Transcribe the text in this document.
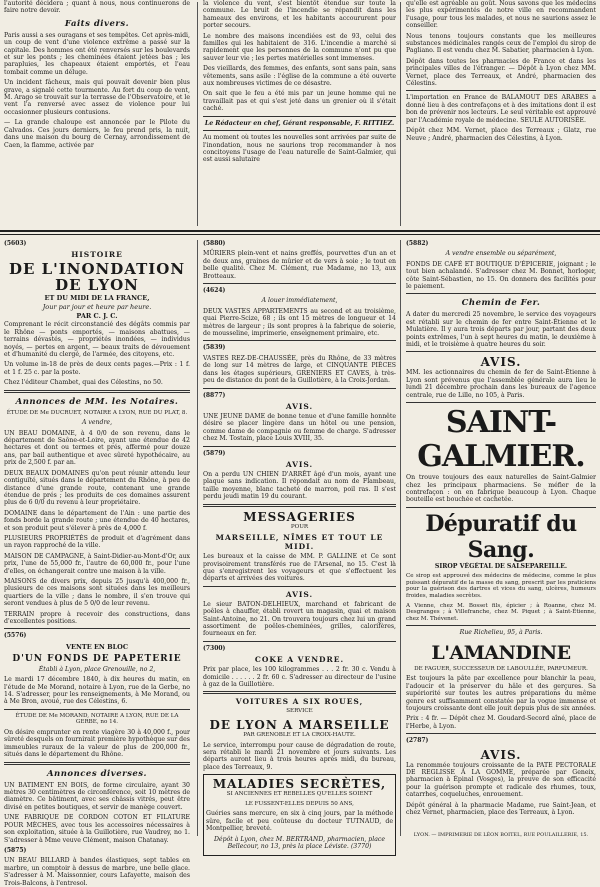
l'autorité décidera ; quant à nous, nous continuerons de faire notre devoir.

Faits divers.

Paris aussi a ses ouragans et ses tempêtes. Cet après-midi, un coup de vent d'une violence extrême a passé sur la capitale. Des hommes ont été renversés sur les boulevards et sur les ponts ; les cheminées étaient jetées bas ; les parapluies, les chapeaux étaient emportés, et l'eau tombait comme un déluge.

Un incident fâcheux, mais qui pouvait devenir bien plus grave, a signalé cette tourmente. Au fort du coup de vent, M. Arago se trouvait sur la terrasse de l'Observatoire, et le vent l'a renversé avec assez de violence pour lui occasionner plusieurs contusions.

— La grande chaloupe est annoncée par le Pilote du Calvados. Ces jours derniers, le feu prend pris, la nuit, dans une maison du bourg de Cernay, arrondissement de Caen, la flamme, activée par

la violence du vent, s'est bientôt étendue sur toute la commune. Le bruit de l'incendie se répandit dans les hameaux des environs, et les habitants accoururent pour porter secours.

Le nombre des maisons incendiées est de 93, celui des familles qui les habitaient de 316. L'incendie a marché si rapidement que les personnes de la commune n'ont pu que sauver leur vie ; les pertes matérielles sont immenses.

Des vieillards, des femmes, des enfants, sont sans pain, sans vêtements, sans asile : l'église de la commune a été ouverte aux nombreuses victimes de ce désastre.

On sait que le feu a été mis par un jeune homme qui ne travaillait pas et qui s'est jeté dans un grenier où il s'était caché.

Le Rédacteur en chef, Gérant responsable, F. RITTIEZ.

Au moment où toutes les nouvelles sont arrivées par suite de l'inondation, nous ne saurions trop recommander à nos concitoyens l'usage de l'eau naturelle de Saint-Galmier, qui est aussi salutaire

qu'elle est agréable au goût. Nous savons que les médecins les plus expérimentés de notre ville en recommandent l'usage, pour tous les malades, et nous ne saurions assez le conseiller.

Nous tenons toujours constants que les meilleures substances médicinales rangés ceux de l'emploi du sirop de Pagliano. Il est vendu chez M. Sabatier, pharmacien à Lyon.

Dépôt dans toutes les pharmacies de France et dans les principales villes de l'étranger. — Dépôt à Lyon chez MM. Vernet, place des Terreaux, et André, pharmacien des Célestins.

L'importation en France de BALAMOUT DES ARABES a donné lieu à des contrefaçons et à des imitations dont il est bon de prévenir nos lecteurs. Le seul véritable est approuvé par l'Académie royale de médecine. SEULE AUTORISÉE.

Dépôt chez MM. Vernet, place des Terreaux ; Glatz, rue Neuve ; André, pharmacien des Célestins, à Lyon.

(5603)

HISTOIRE
DE L'INONDATION DE LYON
ET DU MIDI DE LA FRANCE,
Jour par jour et heure par heure.
PAR C. J. C.

Comprenant le récit circonstancié des dégâts commis par le Rhône — ponts emportés, — maisons abattues, — terrains dévastés, — propriétés inondées, — individus noyés, — pertes en argent, — beaux traits de dévouement et d'humanité du clergé, de l'armée, des citoyens, etc.

Un volume in-18 de près de deux cents pages.—Prix : 1 f. et 1 f. 25 c. par la poste.

Chez l'éditeur Chambet, quai des Célestins, no 50.

Annonces de MM. les Notaires.

ÉTUDE DE Me DUCRUET, NOTAIRE A LYON, RUE DU PLAT, 8.

A vendre,

UN BEAU DOMAINE, à 4 0/0 de son revenu, dans le département de Saône-et-Loire, ayant une étendue de 42 hectares et dont ou termes et prés, affermé pour douze ans, par bail authentique et avec sûreté hypothécaire, au prix de 2,500 f. par an.

DEUX BEAUX DOMAINES qu'on peut réunir attendu leur contiguïté, situés dans le département du Rhône, à peu de distance d'une grande route, contenant une grande étendue de prés ; les produits de ces domaines assurent plus de 6 0/0 du revenu à leur propriétaire.

DOMAINE dans le département de l'Ain : une partie des fonds borde la grande route ; une étendue de 40 hectares, et son produit peut s'élever à près de 4,000 f.

PLUSIEURS PROPRIÉTÉS de produit et d'agrément dans un rayon rapproché de la ville.

MAISON DE CAMPAGNE, à Saint-Didier-au-Mont-d'Or, aux prix, l'une de 55,000 fr., l'autre de 60,000 fr., pour l'une d'elles, on échangerait contre une maison à la ville.

MAISONS de divers prix, depuis 25 jusqu'à 400,000 fr., plusieurs de ces maisons sont situées dans les meilleurs quartiers de la ville ; dans le nombre, il s'en trouve qui seront vendues à plus de 5 0/0 de leur revenu.

TERRAIN propre à recevoir des constructions, dans d'excellentes positions.

(5576)

VENTE EN BLOC
D'UN FONDS DE PAPETERIE

Établi à Lyon, place Grenouille, no 2,

Le mardi 17 décembre 1840, à dix heures du matin, en l'étude de Me Morand, notaire à Lyon, rue de la Gerbe, no 14. S'adresser, pour les renseignements, à Me Morand, ou à Me Bron, avoué, rue des Célestins, 6.

ÉTUDE DE Me MORAND, NOTAIRE A LYON, RUE DE LA GERBE, no 14.

On désire emprunter en rente viagère 30 à 40,000 f., pour sûreté desquels on fournirait première hypothèque sur des immeubles ruraux de la valeur de plus de 200,000 fr., situés dans le département du Rhône.

Annonces diverses.

UN BATIMENT EN BOIS, de forme circulaire, ayant 30 mètres 30 centimètres de circonférence, soit 10 mètres de diamètre. Ce bâtiment, avec ses châssis vitrés, peut être divisé en petites boutiques, et servir de manège couvert.

UNE FABRIQUE DE CORDON COTON ET FILATURE POUR MÈCHES, avec tous les accessoires nécessaires à son exploitation, située à la Guillotière, rue Vaudrey, no 1. S'adresser à Mme veuve Clément, maison Chatanay.

(5875)

UN BEAU BILLARD à bandes élastiques, sept tables en marbre, un comptoir à dessus de marbre, une belle glace. S'adresser à M. Maissonnier, cours Lafayette, maison des Trois-Balcons, à l'entresol.

(5880)

MÛRIERS plein-vent et nains greffés, pourvettes d'un an et de deux ans, graines de mûrier et de vers à soie ; le tout en belle qualité. Chez M. Clément, rue Madame, no 13, aux Brotteaux.

(4624)

A louer immédiatement,

DEUX VASTES APPARTEMENTS au second et au troisième, quai Pierre-Scize, 68 ; ils ont 15 mètres de longueur et 14 mètres de largeur ; ils sont propres à la fabrique de soierie, de mousseline, imprimerie, enseignement primaire, etc.

(5839)

VASTES REZ-DE-CHAUSSÉE, près du Rhône, de 33 mètres de long sur 14 mètres de large, et CINQUANTE PIÈCES dans les étages supérieurs, GRENIERS ET CAVES, à très-peu de distance du pont de la Guillotière, à la Croix-Jordan.

(8877)

AVIS.

UNE JEUNE DAME de bonne tenue et d'une famille honnête désire se placer lingère dans un hôtel ou une pension, comme dame de compagnie ou femme de charge. S'adresser chez M. Tostain, place Louis XVIII, 35.

(5879)

AVIS.

On a perdu UN CHIEN D'ARRÊT âgé d'un mois, ayant une plaque sans indication. Il répondait au nom de Flambeau, taille moyenne, blanc tacheté de marron, poil ras. Il s'est perdu jeudi matin 19 du courant.

MESSAGERIES

POUR

MARSEILLE, NÎMES ET TOUT LE MIDI.

Les bureaux et la caisse de MM. P. GALLINE et Ce sont provisoirement transférés rue de l'Arsenal, no 15. C'est là que s'enregistrent les voyageurs et que s'effectuent les départs et arrivées des voitures.

AVIS.

Le sieur BATON-DELHIEUX, marchand et fabricant de poêles à chauffer, établi rovert un magasin, quai et maison Saint-Antoine, no 21. On trouvera toujours chez lui un grand assortiment de poêles-cheminées, grilles, calorifères, fourneaux en fer.

(7300)

COKE A VENDRE.

Prix par place, les 100 kilogrammes . . . 2 fr. 30 c. Vendu à domicile . . . . . . 2 fr. 60 c. S'adresser au directeur de l'usine à gaz de la Guillotière.

VOITURES A SIX ROUES,

SERVICE

DE LYON A MARSEILLE

PAR GRENOBLE ET LA CROIX-HAUTE.

Le service, interrompu pour cause de dégradation de route, sera rétabli le mardi 21 novembre et jours suivants. Les départs auront lieu à trois heures après midi, du bureau, place des Terreaux, 9.

MALADIES SECRÈTES,

SI ANCIENNES ET REBELLES QU'ELLES SOIENT

LE FUSSENT-ELLES DEPUIS 50 ANS,

Guéries sans mercure, en six à cinq jours, par la méthode sûre, facile et peu coûteuse du docteur TUTNAUD, de Montpellier, breveté.

Dépôt à Lyon, chez M. BERTRAND, pharmacien, place Bellecour, no 13, près la place Léviste. (3770)

(5882)

A vendre ensemble ou séparément,

FONDS DE CAFÉ ET BOUTIQUE D'ÉPICERIE, joignant ; le tout bien achalandé. S'adresser chez M. Bonnet, horloger, côte Saint-Sébastien, no 15. On donnera des facilités pour le paiement.

Chemin de Fer.

A dater du mercredi 25 novembre, le service des voyageurs est rétabli sur le chemin de fer entre Saint-Étienne et le Mulatière. Il y aura trois départs par jour, partant des deux points extrêmes, l'un à sept heures du matin, le deuxième à midi, et le troisième à quatre heures du soir.

AVIS.

MM. les actionnaires du chemin de fer de Saint-Étienne à Lyon sont prévenus que l'assemblée générale aura lieu le lundi 21 décembre prochain dans les bureaux de l'agence centrale, rue de Lille, no 105, à Paris.

SAINT-GALMIER.

On trouve toujours des eaux naturelles de Saint-Galmier chez les principaux pharmaciens. Se méfier de la contrefaçon : on en fabrique beaucoup à Lyon. Chaque bouteille est bouchée et cachetée.

Dépuratif du Sang.

SIROP VÉGÉTAL DE SALSEPAREILLE.

Ce sirop est approuvé des médecins de médecine, comme le plus puissant dépuratif de la masse du sang, prescrit par les praticiens pour la guérison des dartres et vices du sang, ulcères, humeurs froides, maladies secrètes.

A Vienne, chez M. Bosset fils, épicier ; à Roanne, chez M. Desgranges ; à Villefranche, chez M. Piquet ; à Saint-Étienne, chez M. Thévenet.

Rue Richelieu, 95, à Paris.

L'AMANDINE

DE FAGUER, SUCCESSEUR DE LABOULLÉE, PARFUMEUR.

Est toujours la pâte par excellence pour blanchir la peau, l'adoucir et la préserver du hâle et des gerçures. Sa supériorité sur toutes les autres préparations du même genre est suffisamment constatée par la vogue immense et toujours croissante dont elle jouit depuis plus de six années.

Prix : 4 fr. — Dépôt chez M. Goudard-Secord aîné, place de l'Herbe, à Lyon.

(2787)

AVIS.

La renommée toujours croissante de la PATE PECTORALE DE REGLISSE A LA GOMME, préparée par Geneix, pharmacien à Épinal (Vosges), la preuve de son efficacité pour la guérison prompte et radicale des rhumes, toux, catarrhes, coqueluches, enrouement.

Dépôt général à la pharmacie Madame, rue Saint-Jean, et chez Vernet, pharmacien, place des Terreaux, à Lyon.

LYON. — IMPRIMERIE DE LÉON BOITEL, RUE POULAILLERIE, 15.
